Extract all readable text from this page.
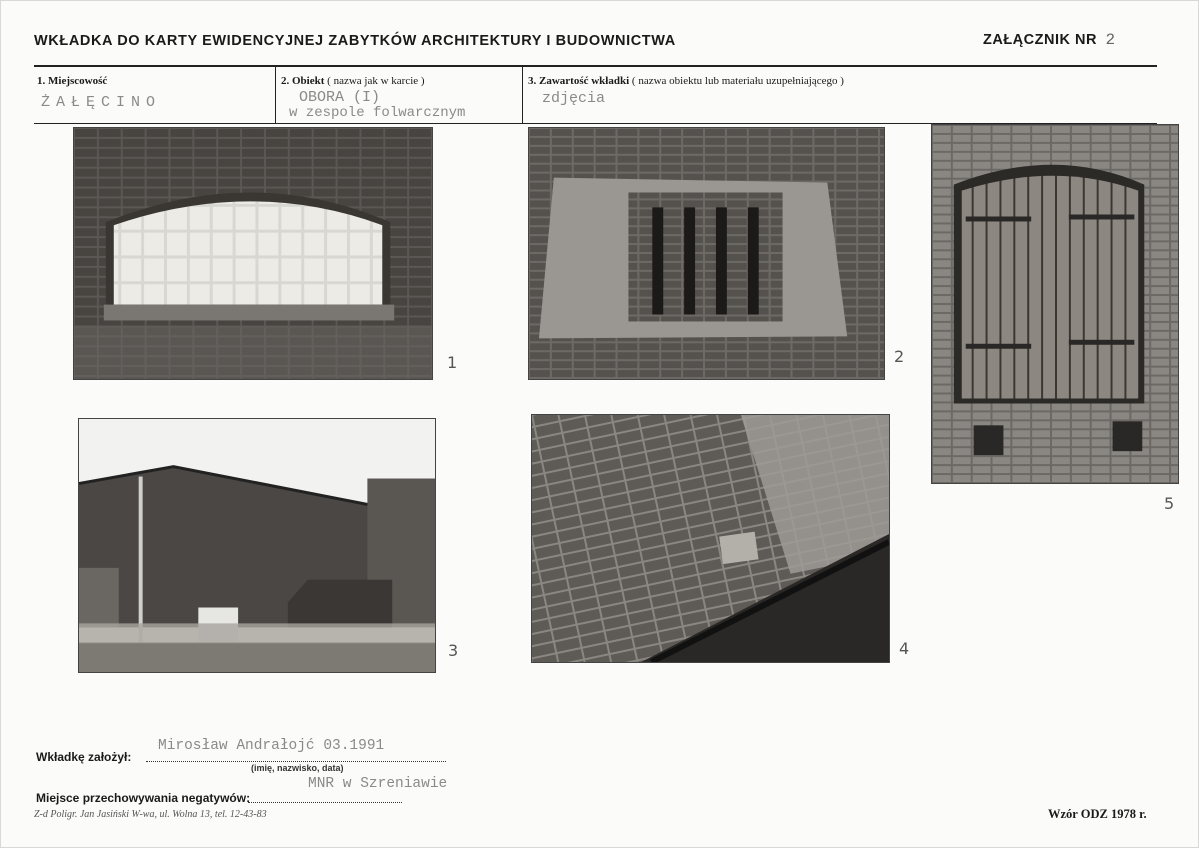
WKŁADKA DO KARTY EWIDENCYJNEJ ZABYTKÓW ARCHITEKTURY I BUDOWNICTWA	ZAŁĄCZNIK NR 2
1. Miejscowość
ŻAŁĘCINO
2. Obiekt ( nazwa jak w karcie )
OBORA (I)
w zespole folwarcznym
3. Zawartość wkładki ( nazwa obiektu lub materiału uzupełniającego )
zdjęcia
1	2
5
3	4
Wkładkę założył:
Mirosław Andrałojć 03.1991
(imię, nazwisko, data)
Miejsce przechowywania negatywów:
MNR w Szreniawie
Z-d Poligr. Jan Jasiński W-wa, ul. Wolna 13, tel. 12-43-83	Wzór ODZ 1978 r.
